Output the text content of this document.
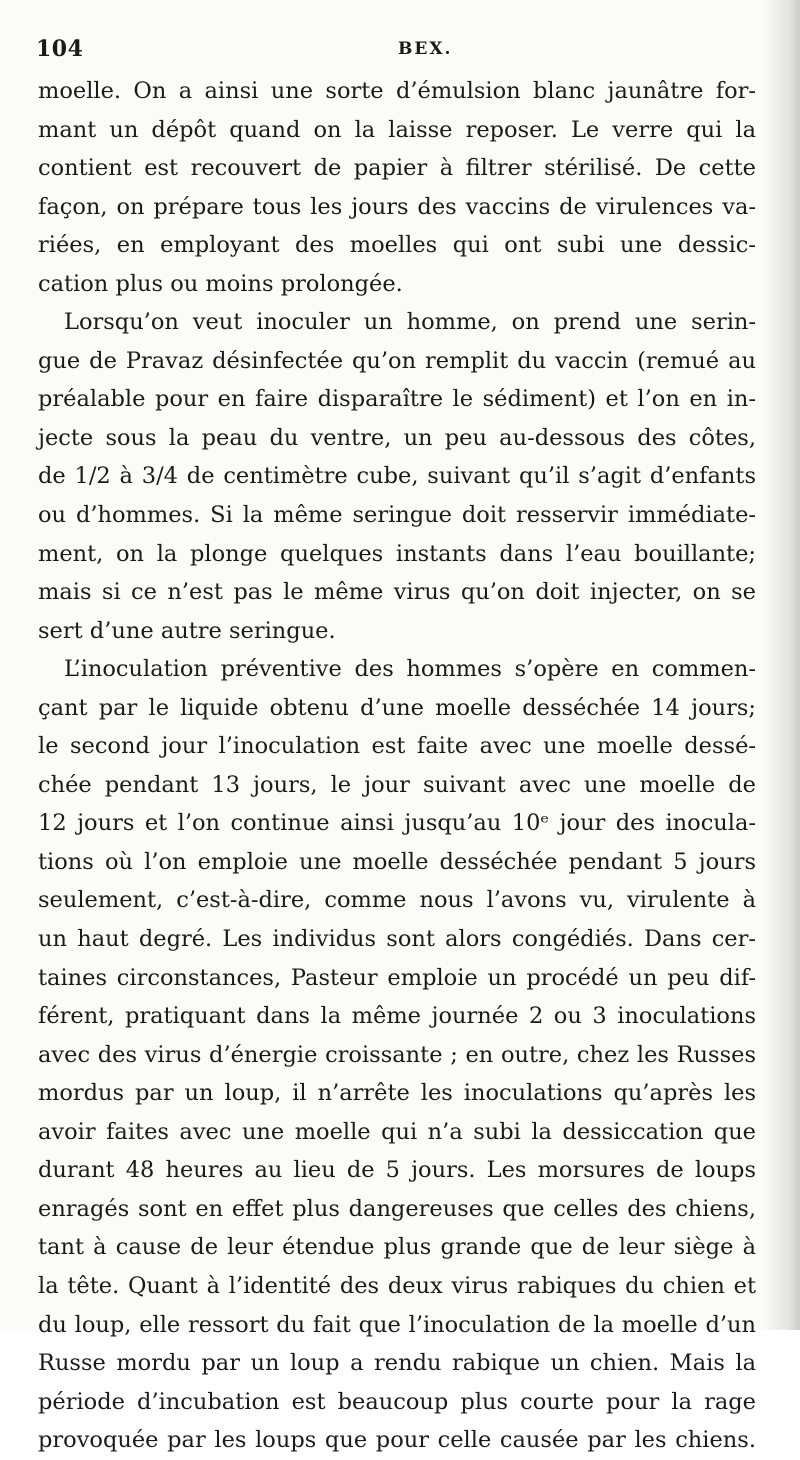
104	BEX.
moelle. On a ainsi une sorte d’émulsion blanc jaunâtre for-
mant un dépôt quand on la laisse reposer. Le verre qui la
contient est recouvert de papier à filtrer stérilisé. De cette
façon, on prépare tous les jours des vaccins de virulences va-
riées, en employant des moelles qui ont subi une dessic-
cation plus ou moins prolongée.
Lorsqu’on veut inoculer un homme, on prend une serin-
gue de Pravaz désinfectée qu’on remplit du vaccin (remué au
préalable pour en faire disparaître le sédiment) et l’on en in-
jecte sous la peau du ventre, un peu au-dessous des côtes,
de 1/2 à 3/4 de centimètre cube, suivant qu’il s’agit d’enfants
ou d’hommes. Si la même seringue doit resservir immédiate-
ment, on la plonge quelques instants dans l’eau bouillante;
mais si ce n’est pas le même virus qu’on doit injecter, on se
sert d’une autre seringue.
L’inoculation préventive des hommes s’opère en commen-
çant par le liquide obtenu d’une moelle desséchée 14 jours;
le second jour l’inoculation est faite avec une moelle dessé-
chée pendant 13 jours, le jour suivant avec une moelle de
12 jours et l’on continue ainsi jusqu’au 10ᵉ jour des inocula-
tions où l’on emploie une moelle desséchée pendant 5 jours
seulement, c’est-à-dire, comme nous l’avons vu, virulente à
un haut degré. Les individus sont alors congédiés. Dans cer-
taines circonstances, Pasteur emploie un procédé un peu dif-
férent, pratiquant dans la même journée 2 ou 3 inoculations
avec des virus d’énergie croissante ; en outre, chez les Russes
mordus par un loup, il n’arrête les inoculations qu’après les
avoir faites avec une moelle qui n’a subi la dessiccation que
durant 48 heures au lieu de 5 jours. Les morsures de loups
enragés sont en effet plus dangereuses que celles des chiens,
tant à cause de leur étendue plus grande que de leur siège à
la tête. Quant à l’identité des deux virus rabiques du chien et
du loup, elle ressort du fait que l’inoculation de la moelle d’un
Russe mordu par un loup a rendu rabique un chien. Mais la
période d’incubation est beaucoup plus courte pour la rage
provoquée par les loups que pour celle causée par les chiens.
